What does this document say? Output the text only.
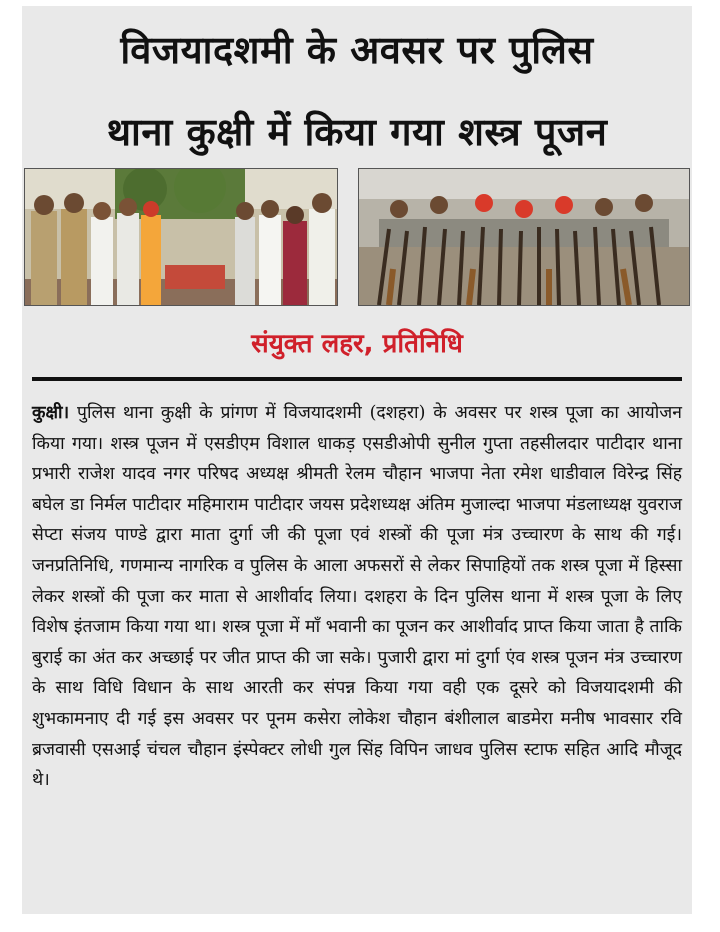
विजयादशमी के अवसर पर पुलिस
थाना कुक्षी में किया गया शस्त्र पूजन
संयुक्त लहर, प्रतिनिधि

कुक्षी। पुलिस थाना कुक्षी के प्रांगण में विजयादशमी (दशहरा) के अवसर पर शस्त्र पूजा का आयोजन किया गया। शस्त्र पूजन में एसडीएम विशाल धाकड़ एसडीओपी सुनील गुप्ता तहसीलदार पाटीदार थाना प्रभारी राजेश यादव नगर परिषद अध्यक्ष श्रीमती रेलम चौहान भाजपा नेता रमेश धाडीवाल विरेन्द्र सिंह बघेल डा निर्मल पाटीदार महिमाराम पाटीदार जयस प्रदेशध्यक्ष अंतिम मुजाल्दा भाजपा मंडलाध्यक्ष युवराज सेप्टा संजय पाण्डे द्वारा माता दुर्गा जी की पूजा एवं शस्त्रों की पूजा मंत्र उच्चारण के साथ की गई। जनप्रतिनिधि, गणमान्य नागरिक व पुलिस के आला अफसरों से लेकर सिपाहियों तक शस्त्र पूजा में हिस्सा लेकर शस्त्रों की पूजा कर माता से आशीर्वाद लिया। दशहरा के दिन पुलिस थाना में शस्त्र पूजा के लिए विशेष इंतजाम किया गया था। शस्त्र पूजा में माँ भवानी का पूजन कर आशीर्वाद प्राप्त किया जाता है ताकि बुराई का अंत कर अच्छाई पर जीत प्राप्त की जा सके। पुजारी द्वारा मां दुर्गा एंव शस्त्र पूजन मंत्र उच्चारण के साथ विधि विधान के साथ आरती कर संपन्न किया गया वही एक दूसरे को विजयादशमी की शुभकामनाए दी गई इस अवसर पर पूनम कसेरा लोकेश चौहान बंशीलाल बाडमेरा मनीष भावसार रवि ब्रजवासी एसआई चंचल चौहान इंस्पेक्टर लोधी गुल सिंह विपिन जाधव पुलिस स्टाफ सहित आदि मौजूद थे।
